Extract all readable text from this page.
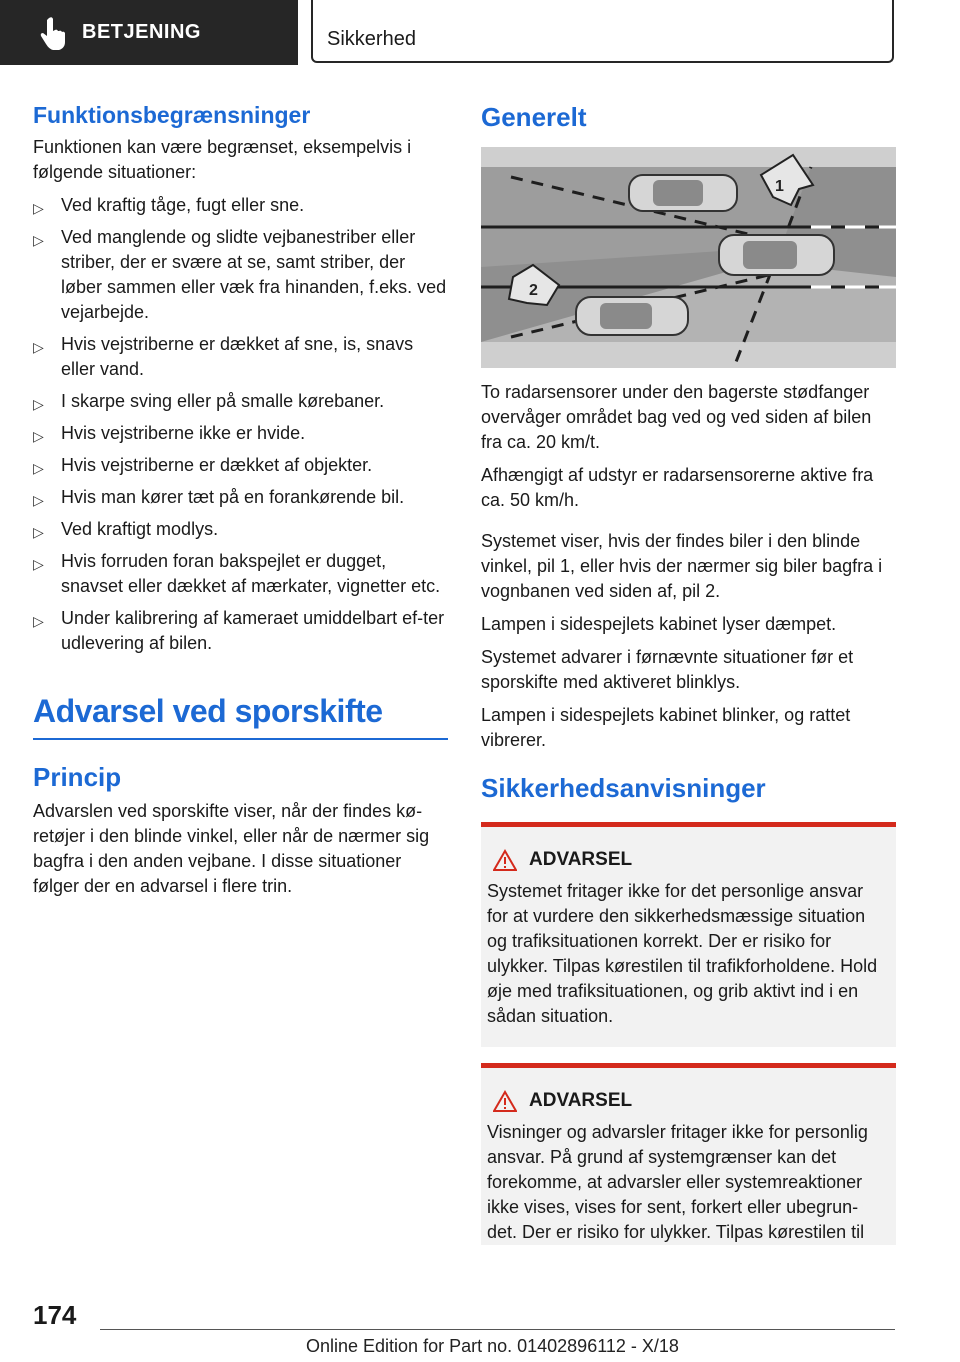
BETJENING	Sikkerhed
Funktionsbegrænsninger

Funktionen kan være begrænset, eksempelvis i følgende situationer:

▷ Ved kraftig tåge, fugt eller sne.
▷ Ved manglende og slidte vejbanestriber eller striber, der er svære at se, samt striber, der løber sammen eller væk fra hinanden, f.eks. ved vejarbejde.
▷ Hvis vejstriberne er dækket af sne, is, snavs eller vand.
▷ I skarpe sving eller på smalle kørebaner.
▷ Hvis vejstriberne ikke er hvide.
▷ Hvis vejstriberne er dækket af objekter.
▷ Hvis man kører tæt på en forankørende bil.
▷ Ved kraftigt modlys.
▷ Hvis forruden foran bakspejlet er dugget, snavset eller dækket af mærkater, vignetter etc.
▷ Under kalibrering af kameraet umiddelbart ef‐ter udlevering af bilen.
Advarsel ved sporskifte
Princip

Advarslen ved sporskifte viser, når der findes kø‐retøjer i den blinde vinkel, eller når de nærmer sig bagfra i den anden vejbane. I disse situationer følger der en advarsel i flere trin.

Generelt
1
2

To radarsensorer under den bagerste stødfanger overvåger området bag ved og ved siden af bilen fra ca. 20 km/t.

Afhængigt af udstyr er radarsensorerne aktive fra ca. 50 km/h.

Systemet viser, hvis der findes biler i den blinde vinkel, pil 1, eller hvis der nærmer sig biler bagfra i vognbanen ved siden af, pil 2.

Lampen i sidespejlets kabinet lyser dæmpet.

Systemet advarer i førnævnte situationer før et sporskifte med aktiveret blinklys.

Lampen i sidespejlets kabinet blinker, og rattet vibrerer.

Sikkerhedsanvisninger
ADVARSEL

Systemet fritager ikke for det personlige ansvar for at vurdere den sikkerhedsmæssige situation og trafiksituationen korrekt. Der er risiko for ulykker. Tilpas kørestilen til trafikforholdene. Hold øje med trafiksituationen, og grib aktivt ind i en sådan situation.

ADVARSEL

Visninger og advarsler fritager ikke for personlig ansvar. På grund af systemgrænser kan det forekomme, at advarsler eller systemreaktioner ikke vises, vises for sent, forkert eller ubegrun‐det. Der er risiko for ulykker. Tilpas kørestilen til

174
Online Edition for Part no. 01402896112 - X/18
